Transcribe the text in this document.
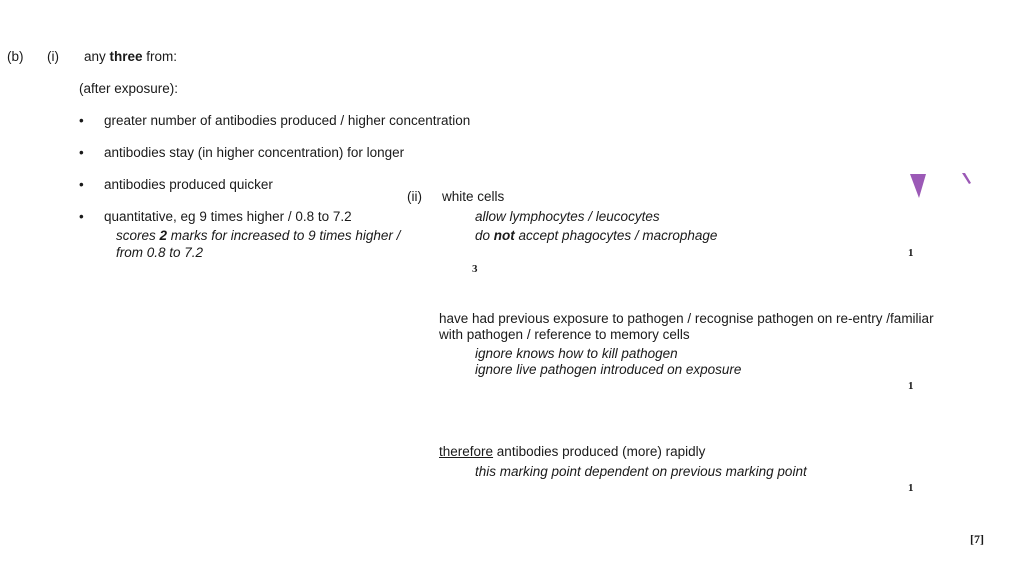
(b) (i) any three from:
(after exposure):
•	greater number of antibodies produced / higher concentration
•	antibodies stay (in higher concentration) for longer
•	antibodies produced quicker
•	quantitative, eg 9 times higher / 0.8 to 7.2
scores 2 marks for increased to 9 times higher /
from 0.8 to 7.2
3
(ii) white cells
allow lymphocytes / leucocytes
do not accept phagocytes / macrophage
1
have had previous exposure to pathogen / recognise pathogen on re-entry /familiar
with pathogen / reference to memory cells
ignore knows how to kill pathogen
ignore live pathogen introduced on exposure
1
therefore antibodies produced (more) rapidly
this marking point dependent on previous marking point
1
[7]
